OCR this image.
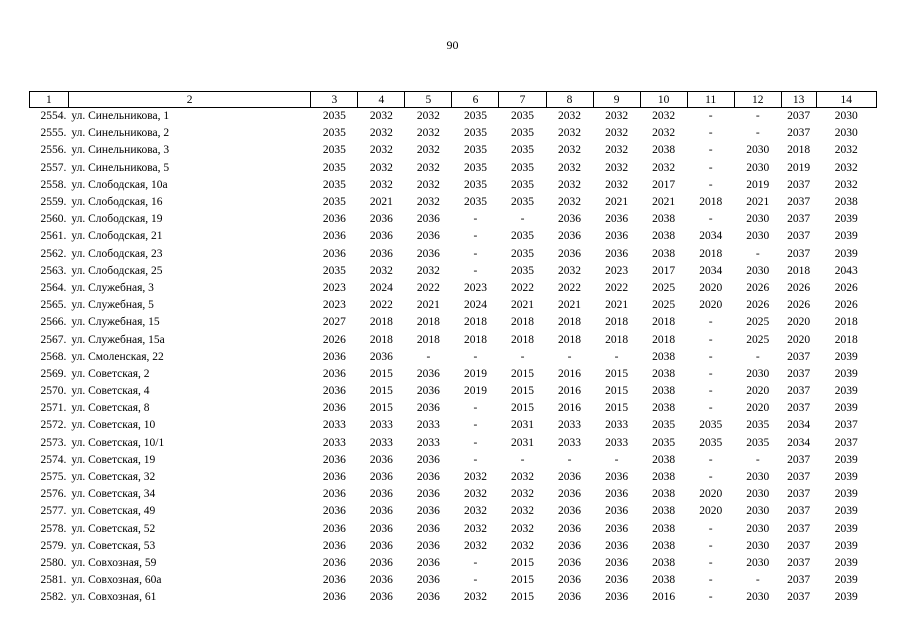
90
1	2	3	4	5	6	7	8	9	10	11	12	13	14
2554.	ул. Синельникова, 1	2035	2032	2032	2035	2035	2032	2032	2032	-	-	2037	2030
2555.	ул. Синельникова, 2	2035	2032	2032	2035	2035	2032	2032	2032	-	-	2037	2030
2556.	ул. Синельникова, 3	2035	2032	2032	2035	2035	2032	2032	2038	-	2030	2018	2032
2557.	ул. Синельникова, 5	2035	2032	2032	2035	2035	2032	2032	2032	-	2030	2019	2032
2558.	ул. Слободская, 10а	2035	2032	2032	2035	2035	2032	2032	2017	-	2019	2037	2032
2559.	ул. Слободская, 16	2035	2021	2032	2035	2035	2032	2021	2021	2018	2021	2037	2038
2560.	ул. Слободская, 19	2036	2036	2036	-	-	2036	2036	2038	-	2030	2037	2039
2561.	ул. Слободская, 21	2036	2036	2036	-	2035	2036	2036	2038	2034	2030	2037	2039
2562.	ул. Слободская, 23	2036	2036	2036	-	2035	2036	2036	2038	2018	-	2037	2039
2563.	ул. Слободская, 25	2035	2032	2032	-	2035	2032	2023	2017	2034	2030	2018	2043
2564.	ул. Служебная, 3	2023	2024	2022	2023	2022	2022	2022	2025	2020	2026	2026	2026
2565.	ул. Служебная, 5	2023	2022	2021	2024	2021	2021	2021	2025	2020	2026	2026	2026
2566.	ул. Служебная, 15	2027	2018	2018	2018	2018	2018	2018	2018	-	2025	2020	2018
2567.	ул. Служебная, 15а	2026	2018	2018	2018	2018	2018	2018	2018	-	2025	2020	2018
2568.	ул. Смоленская, 22	2036	2036	-	-	-	-	-	2038	-	-	2037	2039
2569.	ул. Советская, 2	2036	2015	2036	2019	2015	2016	2015	2038	-	2030	2037	2039
2570.	ул. Советская, 4	2036	2015	2036	2019	2015	2016	2015	2038	-	2020	2037	2039
2571.	ул. Советская, 8	2036	2015	2036	-	2015	2016	2015	2038	-	2020	2037	2039
2572.	ул. Советская, 10	2033	2033	2033	-	2031	2033	2033	2035	2035	2035	2034	2037
2573.	ул. Советская, 10/1	2033	2033	2033	-	2031	2033	2033	2035	2035	2035	2034	2037
2574.	ул. Советская, 19	2036	2036	2036	-	-	-	-	2038	-	-	2037	2039
2575.	ул. Советская, 32	2036	2036	2036	2032	2032	2036	2036	2038	-	2030	2037	2039
2576.	ул. Советская, 34	2036	2036	2036	2032	2032	2036	2036	2038	2020	2030	2037	2039
2577.	ул. Советская, 49	2036	2036	2036	2032	2032	2036	2036	2038	2020	2030	2037	2039
2578.	ул. Советская, 52	2036	2036	2036	2032	2032	2036	2036	2038	-	2030	2037	2039
2579.	ул. Советская, 53	2036	2036	2036	2032	2032	2036	2036	2038	-	2030	2037	2039
2580.	ул. Совхозная, 59	2036	2036	2036	-	2015	2036	2036	2038	-	2030	2037	2039
2581.	ул. Совхозная, 60а	2036	2036	2036	-	2015	2036	2036	2038	-	-	2037	2039
2582.	ул. Совхозная, 61	2036	2036	2036	2032	2015	2036	2036	2016	-	2030	2037	2039
